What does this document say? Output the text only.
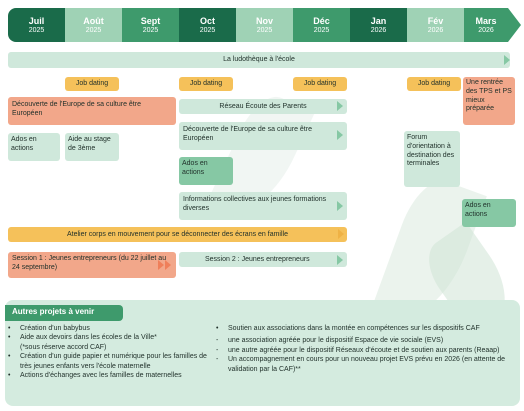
Juil
2025
Août
2025
Sept
2025
Oct
2025
Nov
2025
Déc
2025
Jan
2026
Fév
2026
Mars
2026
La ludothèque à l'école
Job dating	Job dating	Job dating	Job dating	Une rentrée des TPS et PS mieux préparée
Découverte de l'Europe de sa culture être Européen
Réseau Écoute des Parents
Ados en actions
Aide au stage de 3ème
Découverte de l'Europe de sa culture être Européen	Forum d'orientation à destination des terminales
Ados en actions
Informations collectives aux jeunes formations diverses	Ados en actions
Atelier corps en mouvement pour se déconnecter des écrans en famille
Session 1 : Jeunes entrepreneurs (du 22 juillet au 24 septembre)
Session 2 : Jeunes entrepreneurs
Autres projets à venir
• Création d'un babybus
• Aide aux devoirs dans les écoles de la Ville*
(*sous réserve accord CAF)
• Création d'un guide papier et numérique pour les familles de très jeunes enfants vers l'école maternelle
• Actions d'échanges avec les familles de maternelles
• Soutien aux associations dans la montée en compétences sur les dispositifs CAF
- une association agréée pour le dispositif Espace de vie sociale (EVS)
- une autre agréée pour le dispositif Réseaux d'écoute et de soutien aux parents (Reaap)
- Un accompagnement en cours pour un nouveau projet EVS prévu en 2026 (en attente de validation par la CAF)**
